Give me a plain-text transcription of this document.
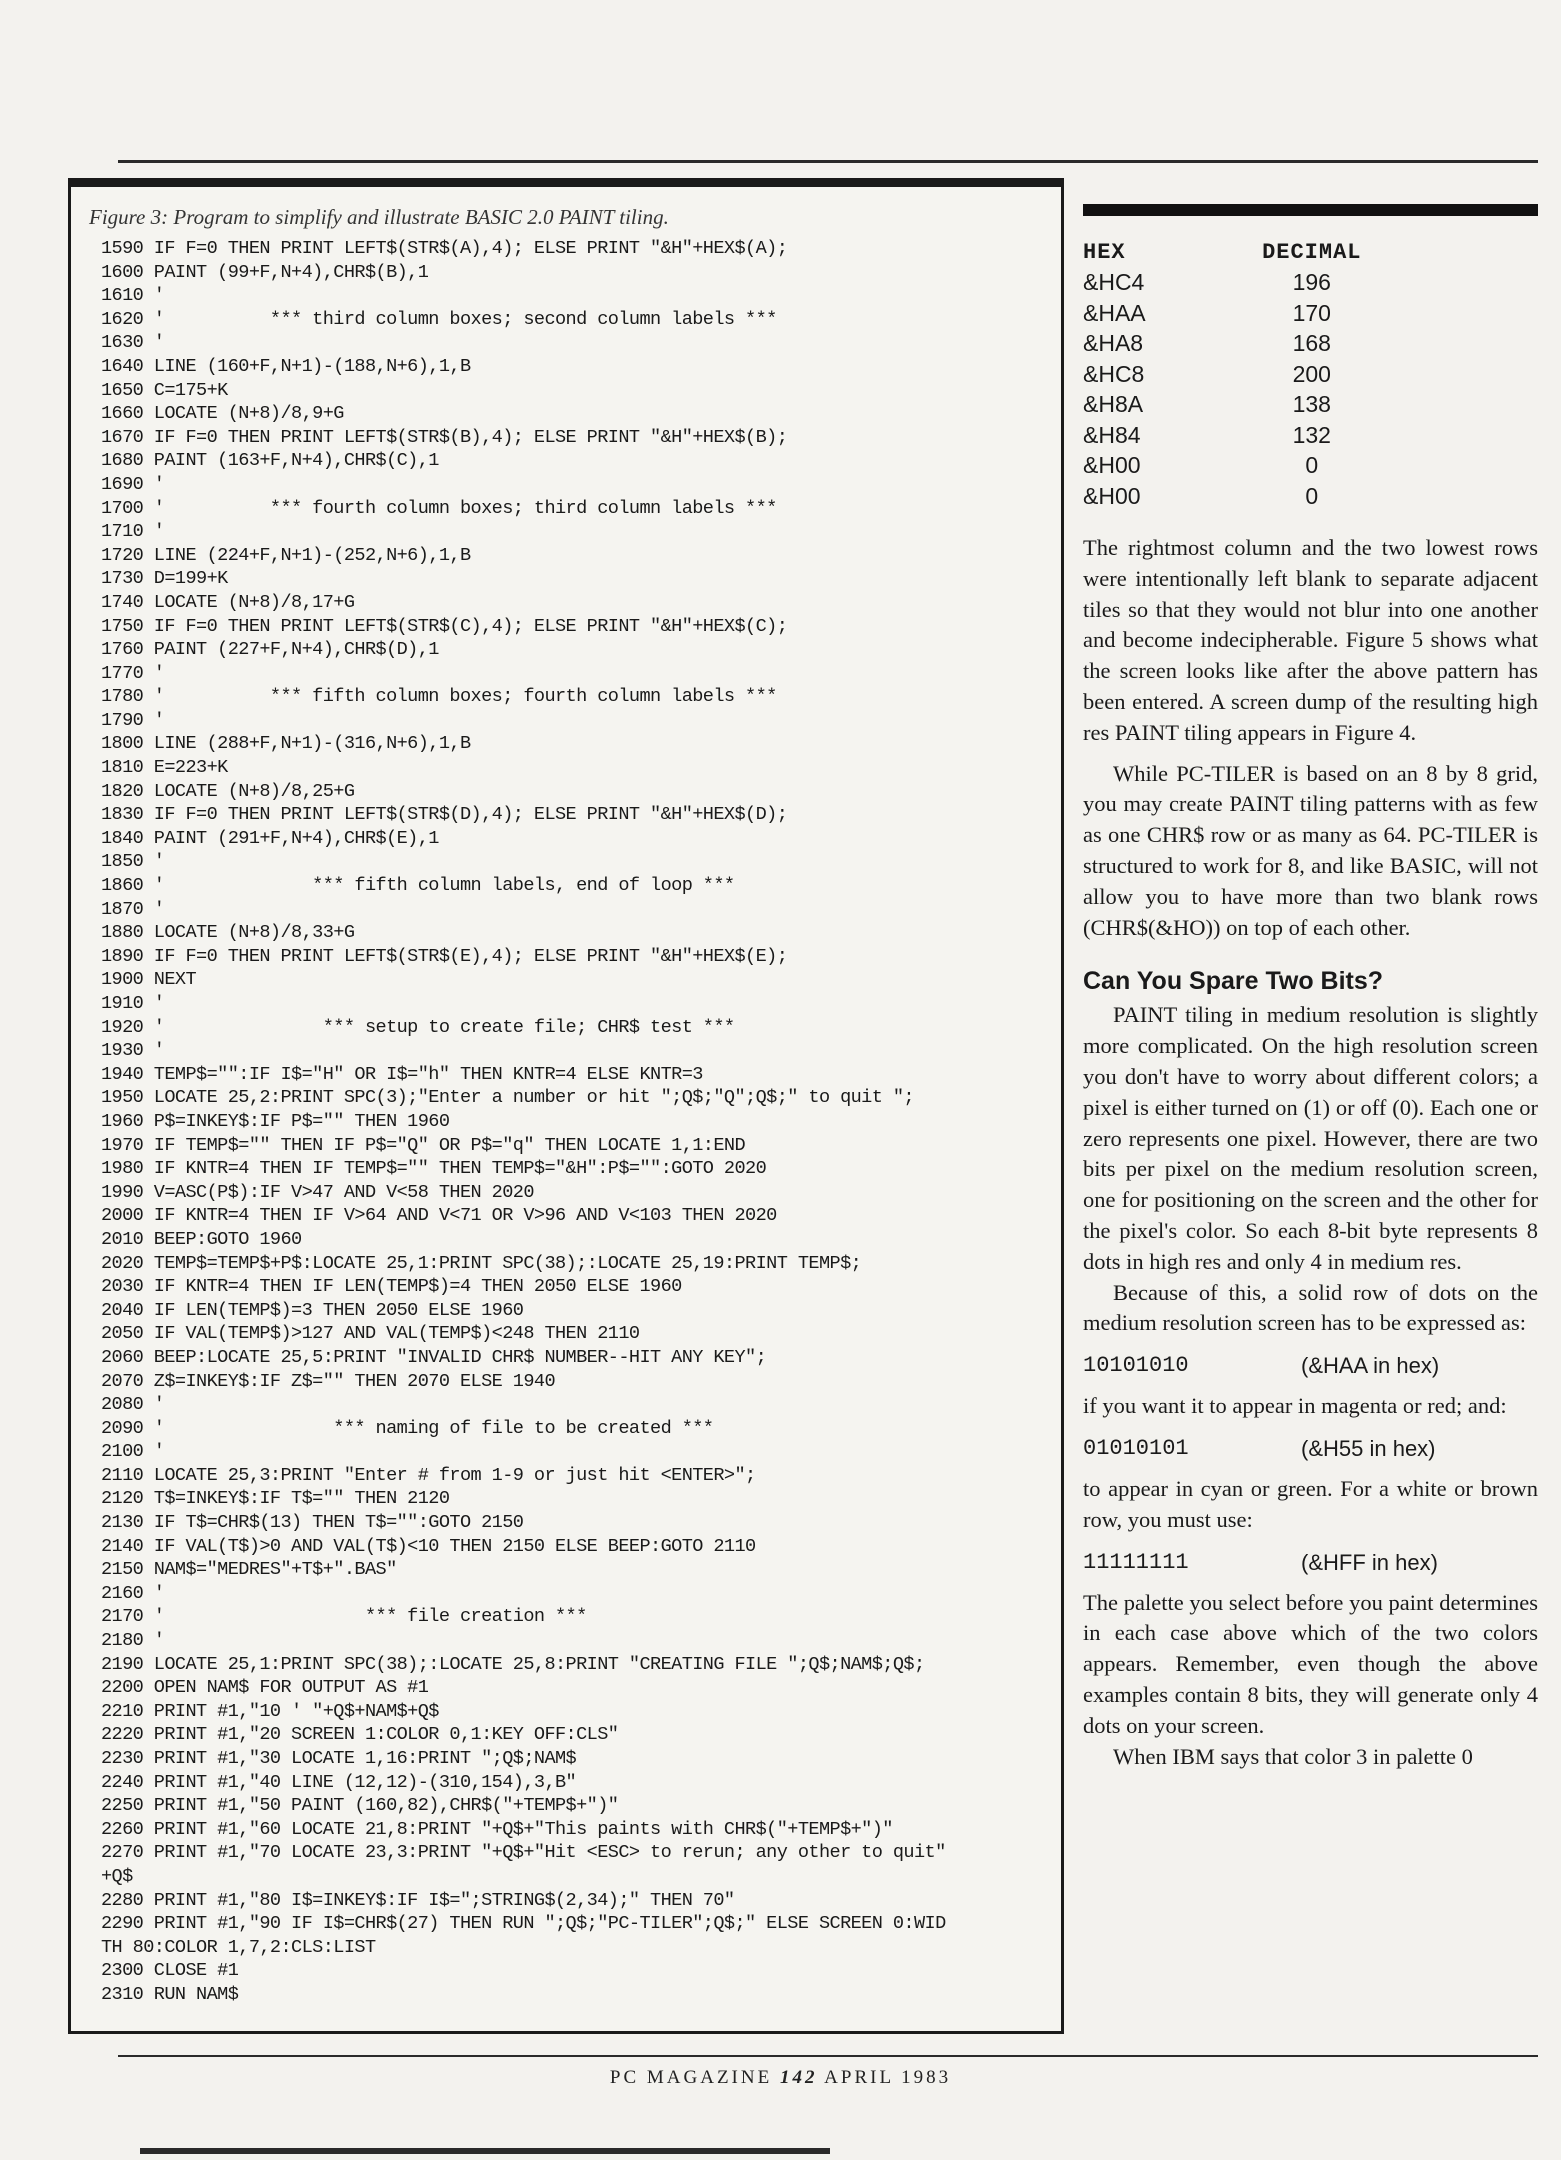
Figure 3: Program to simplify and illustrate BASIC 2.0 PAINT tiling.
1590 IF F=0 THEN PRINT LEFT$(STR$(A),4); ELSE PRINT "&H"+HEX$(A);
1600 PAINT (99+F,N+4),CHR$(B),1
1610 '
1620 '          *** third column boxes; second column labels ***
1630 '
1640 LINE (160+F,N+1)-(188,N+6),1,B
1650 C=175+K
1660 LOCATE (N+8)/8,9+G
1670 IF F=0 THEN PRINT LEFT$(STR$(B),4); ELSE PRINT "&H"+HEX$(B);
1680 PAINT (163+F,N+4),CHR$(C),1
1690 '
1700 '          *** fourth column boxes; third column labels ***
1710 '
1720 LINE (224+F,N+1)-(252,N+6),1,B
1730 D=199+K
1740 LOCATE (N+8)/8,17+G
1750 IF F=0 THEN PRINT LEFT$(STR$(C),4); ELSE PRINT "&H"+HEX$(C);
1760 PAINT (227+F,N+4),CHR$(D),1
1770 '
1780 '          *** fifth column boxes; fourth column labels ***
1790 '
1800 LINE (288+F,N+1)-(316,N+6),1,B
1810 E=223+K
1820 LOCATE (N+8)/8,25+G
1830 IF F=0 THEN PRINT LEFT$(STR$(D),4); ELSE PRINT "&H"+HEX$(D);
1840 PAINT (291+F,N+4),CHR$(E),1
1850 '
1860 '              *** fifth column labels, end of loop ***
1870 '
1880 LOCATE (N+8)/8,33+G
1890 IF F=0 THEN PRINT LEFT$(STR$(E),4); ELSE PRINT "&H"+HEX$(E);
1900 NEXT
1910 '
1920 '               *** setup to create file; CHR$ test ***
1930 '
1940 TEMP$="":IF I$="H" OR I$="h" THEN KNTR=4 ELSE KNTR=3
1950 LOCATE 25,2:PRINT SPC(3);"Enter a number or hit ";Q$;"Q";Q$;" to quit ";
1960 P$=INKEY$:IF P$="" THEN 1960
1970 IF TEMP$="" THEN IF P$="Q" OR P$="q" THEN LOCATE 1,1:END
1980 IF KNTR=4 THEN IF TEMP$="" THEN TEMP$="&H":P$="":GOTO 2020
1990 V=ASC(P$):IF V>47 AND V<58 THEN 2020
2000 IF KNTR=4 THEN IF V>64 AND V<71 OR V>96 AND V<103 THEN 2020
2010 BEEP:GOTO 1960
2020 TEMP$=TEMP$+P$:LOCATE 25,1:PRINT SPC(38);:LOCATE 25,19:PRINT TEMP$;
2030 IF KNTR=4 THEN IF LEN(TEMP$)=4 THEN 2050 ELSE 1960
2040 IF LEN(TEMP$)=3 THEN 2050 ELSE 1960
2050 IF VAL(TEMP$)>127 AND VAL(TEMP$)<248 THEN 2110
2060 BEEP:LOCATE 25,5:PRINT "INVALID CHR$ NUMBER--HIT ANY KEY";
2070 Z$=INKEY$:IF Z$="" THEN 2070 ELSE 1940
2080 '
2090 '                *** naming of file to be created ***
2100 '
2110 LOCATE 25,3:PRINT "Enter # from 1-9 or just hit <ENTER>";
2120 T$=INKEY$:IF T$="" THEN 2120
2130 IF T$=CHR$(13) THEN T$="":GOTO 2150
2140 IF VAL(T$)>0 AND VAL(T$)<10 THEN 2150 ELSE BEEP:GOTO 2110
2150 NAM$="MEDRES"+T$+".BAS"
2160 '
2170 '                   *** file creation ***
2180 '
2190 LOCATE 25,1:PRINT SPC(38);:LOCATE 25,8:PRINT "CREATING FILE ";Q$;NAM$;Q$;
2200 OPEN NAM$ FOR OUTPUT AS #1
2210 PRINT #1,"10 ' "+Q$+NAM$+Q$
2220 PRINT #1,"20 SCREEN 1:COLOR 0,1:KEY OFF:CLS"
2230 PRINT #1,"30 LOCATE 1,16:PRINT ";Q$;NAM$
2240 PRINT #1,"40 LINE (12,12)-(310,154),3,B"
2250 PRINT #1,"50 PAINT (160,82),CHR$("+TEMP$+")"
2260 PRINT #1,"60 LOCATE 21,8:PRINT "+Q$+"This paints with CHR$("+TEMP$+")"
2270 PRINT #1,"70 LOCATE 23,3:PRINT "+Q$+"Hit <ESC> to rerun; any other to quit"
+Q$
2280 PRINT #1,"80 I$=INKEY$:IF I$=";STRING$(2,34);" THEN 70"
2290 PRINT #1,"90 IF I$=CHR$(27) THEN RUN ";Q$;"PC-TILER";Q$;" ELSE SCREEN 0:WID
TH 80:COLOR 1,7,2:CLS:LIST
2300 CLOSE #1
2310 RUN NAM$
HEX	DECIMAL
&HC4	196
&HAA	170
&HA8	168
&HC8	200
&H8A	138
&H84	132
&H00	0
&H00	0

The rightmost column and the two lowest rows were intentionally left blank to separate adjacent tiles so that they would not blur into one another and become indecipherable. Figure 5 shows what the screen looks like after the above pattern has been entered. A screen dump of the resulting high res PAINT tiling appears in Figure 4.

While PC-TILER is based on an 8 by 8 grid, you may create PAINT tiling patterns with as few as one CHR$ row or as many as 64. PC-TILER is structured to work for 8, and like BASIC, will not allow you to have more than two blank rows (CHR$(&HO)) on top of each other.

Can You Spare Two Bits?

PAINT tiling in medium resolution is slightly more complicated. On the high resolution screen you don't have to worry about different colors; a pixel is either turned on (1) or off (0). Each one or zero represents one pixel. However, there are two bits per pixel on the medium resolution screen, one for positioning on the screen and the other for the pixel's color. So each 8-bit byte represents 8 dots in high res and only 4 in medium res.

Because of this, a solid row of dots on the medium resolution screen has to be expressed as:

10101010	(&HAA in hex)

if you want it to appear in magenta or red; and:

01010101	(&H55 in hex)

to appear in cyan or green. For a white or brown row, you must use:

11111111	(&HFF in hex)

The palette you select before you paint determines in each case above which of the two colors appears. Remember, even though the above examples contain 8 bits, they will generate only 4 dots on your screen.

When IBM says that color 3 in palette 0

PC MAGAZINE 142 APRIL 1983
